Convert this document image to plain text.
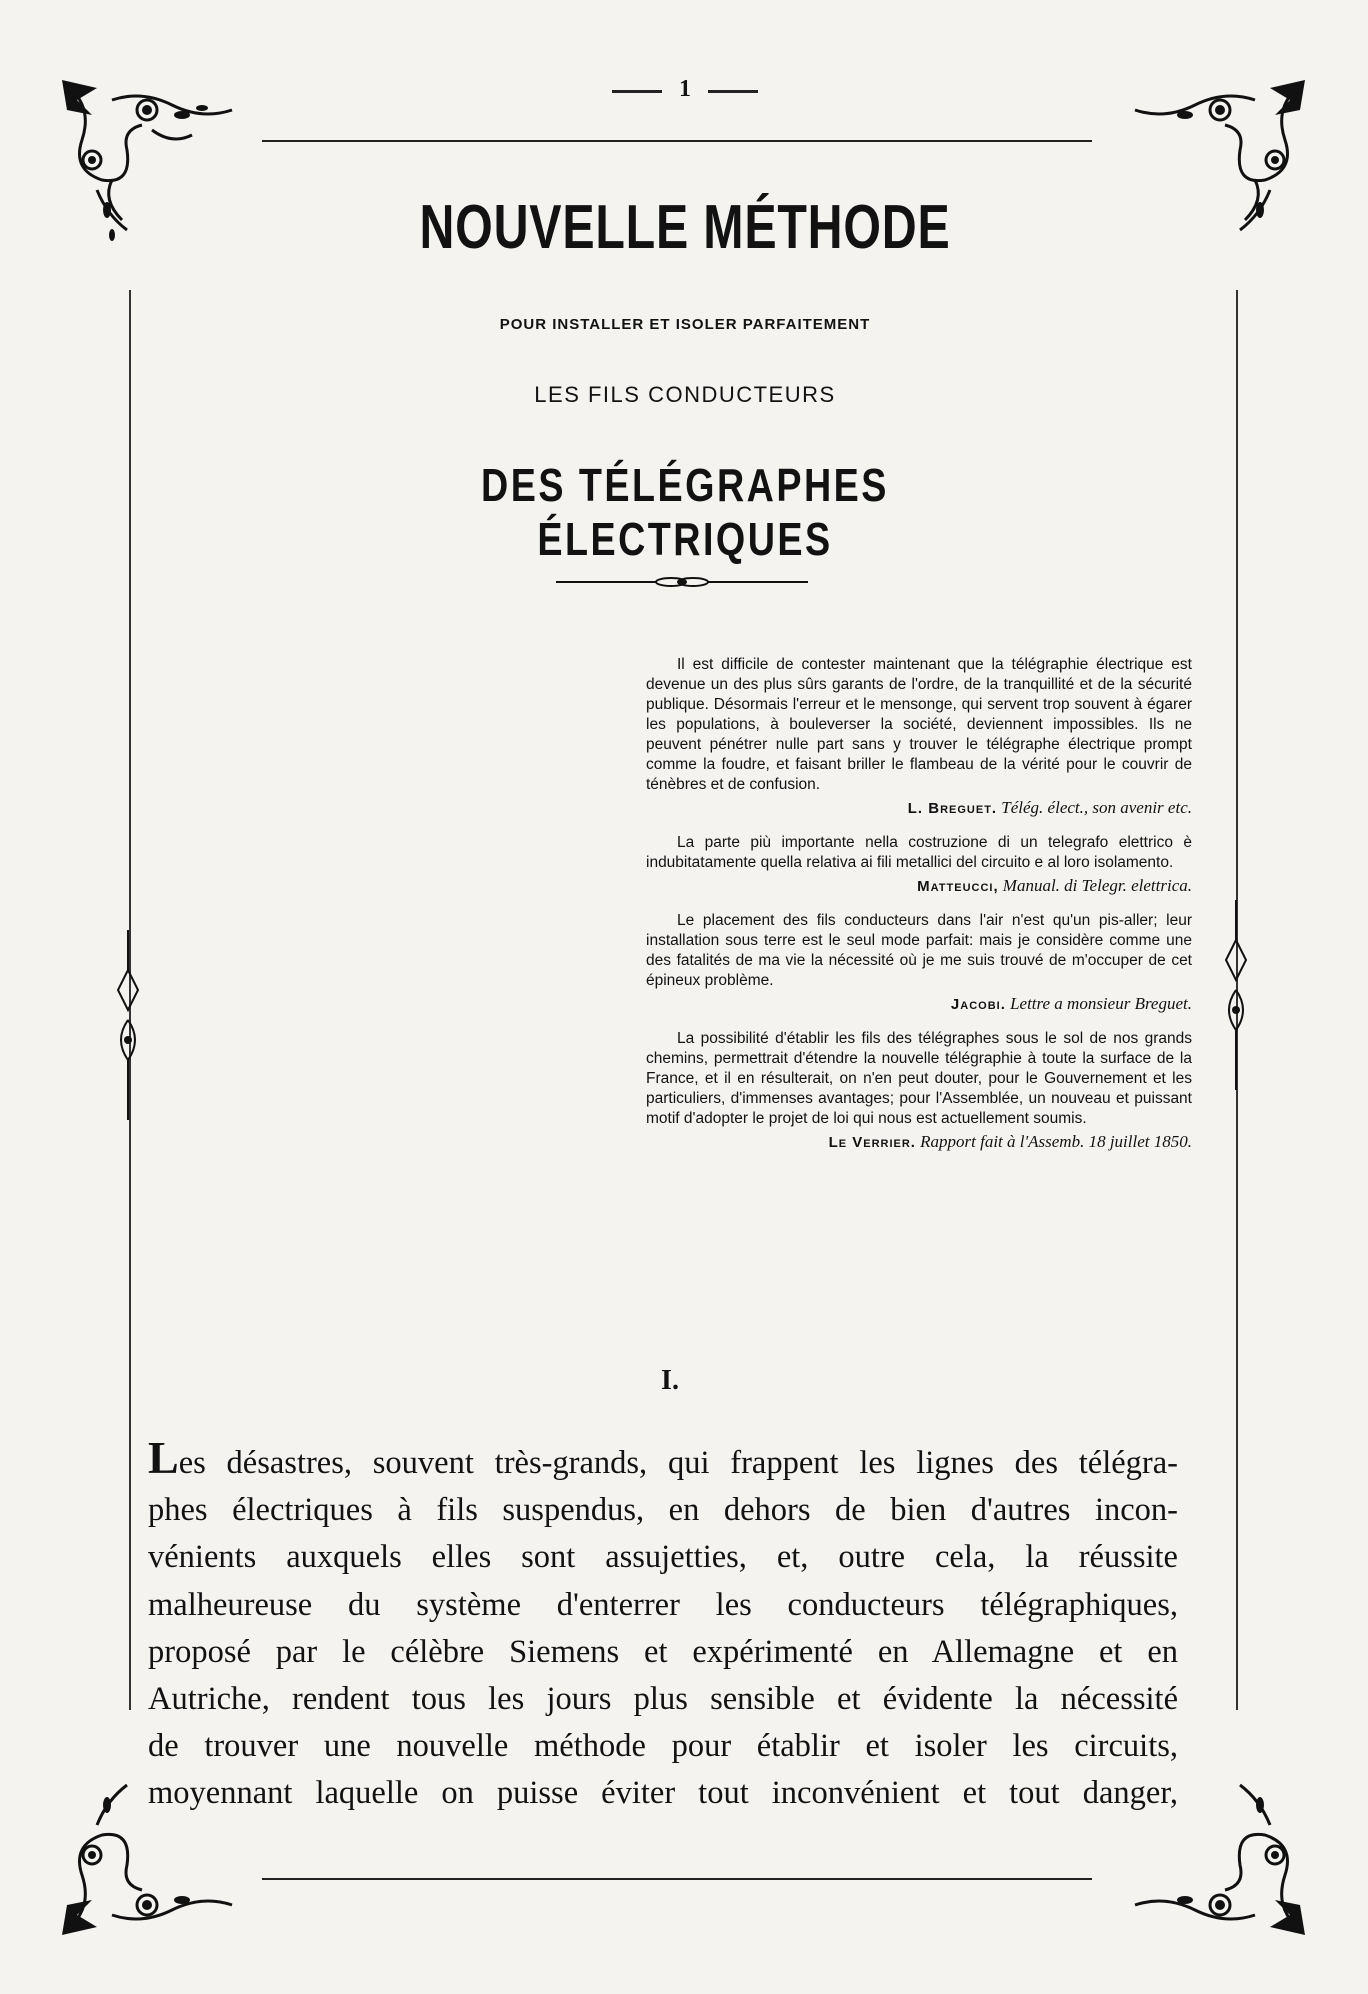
1
NOUVELLE MÉTHODE
POUR INSTALLER ET ISOLER PARFAITEMENT
LES FILS CONDUCTEURS
DES TÉLÉGRAPHES ÉLECTRIQUES

Il est difficile de contester maintenant que la télégraphie électrique est devenue un des plus sûrs garants de l'ordre, de la tranquillité et de la sécurité publique. Désormais l'erreur et le mensonge, qui servent trop souvent à égarer les populations, à bouleverser la société, deviennent impossibles. Ils ne peuvent pénétrer nulle part sans y trouver le télégraphe électrique prompt comme la foudre, et faisant briller le flambeau de la vérité pour le couvrir de ténèbres et de confusion.

L. Breguet. Télég. élect., son avenir etc.

La parte più importante nella costruzione di un telegrafo elettrico è indubitatamente quella relativa ai fili metallici del circuito e al loro isolamento.

Matteucci, Manual. di Telegr. elettrica.

Le placement des fils conducteurs dans l'air n'est qu'un pis-aller; leur installation sous terre est le seul mode parfait: mais je considère comme une des fatalités de ma vie la nécessité où je me suis trouvé de m'occuper de cet épineux problème.

Jacobi. Lettre a monsieur Breguet.

La possibilité d'établir les fils des télégraphes sous le sol de nos grands chemins, permettrait d'étendre la nouvelle télégraphie à toute la surface de la France, et il en résulterait, on n'en peut douter, pour le Gouvernement et les particuliers, d'immenses avantages; pour l'Assemblée, un nouveau et puissant motif d'adopter le projet de loi qui nous est actuellement soumis.

Le Verrier. Rapport fait à l'Assemb. 18 juillet 1850.
I.
Les désastres, souvent très-grands, qui frappent les lignes des télégra-
phes électriques à fils suspendus, en dehors de bien d'autres incon-
vénients auxquels elles sont assujetties, et, outre cela, la réussite
malheureuse du système d'enterrer les conducteurs télégraphiques,
proposé par le célèbre Siemens et expérimenté en Allemagne et en
Autriche, rendent tous les jours plus sensible et évidente la nécessité
de trouver une nouvelle méthode pour établir et isoler les circuits,
moyennant laquelle on puisse éviter tout inconvénient et tout danger,
